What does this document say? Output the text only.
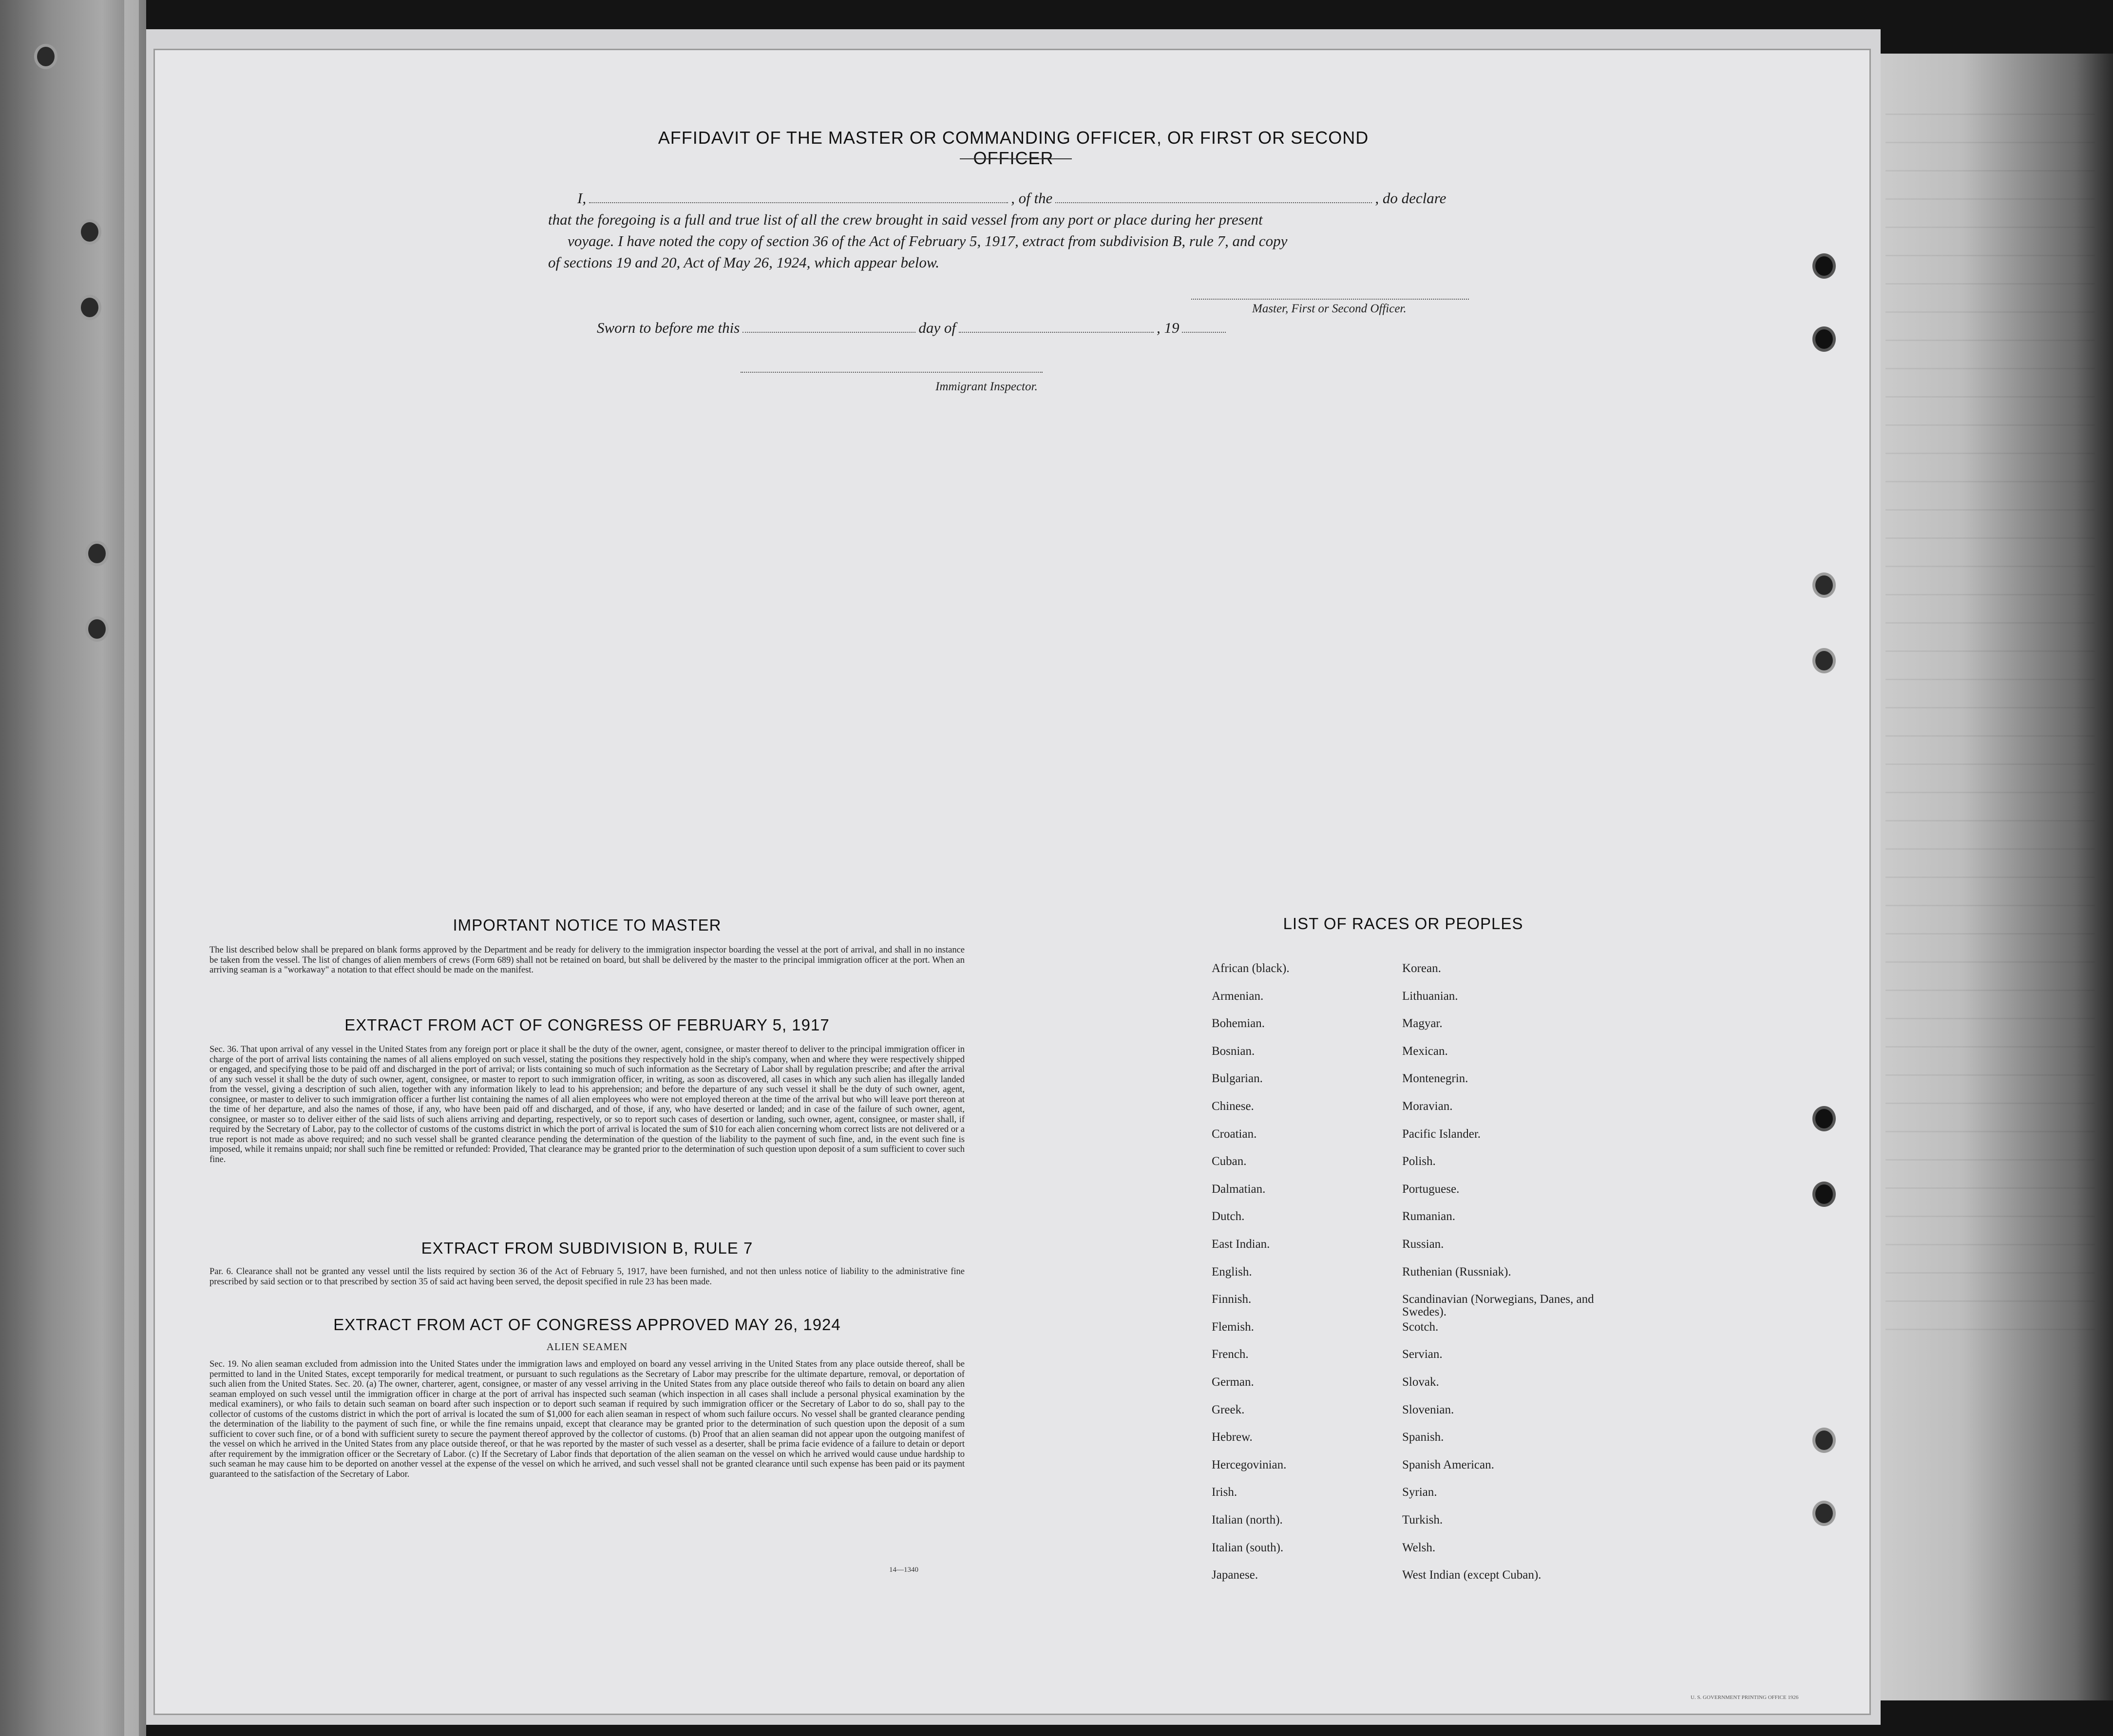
AFFIDAVIT OF THE MASTER OR COMMANDING OFFICER, OR FIRST OR SECOND OFFICER
I,	, of the	, do declare
that the foregoing is a full and true list of all the crew brought in said vessel from any port or place during her present
voyage. I have noted the copy of section 36 of the Act of February 5, 1917, extract from subdivision B, rule 7, and copy
of sections 19 and 20, Act of May 26, 1924, which appear below.
Master, First or Second Officer.
Sworn to before me this	day of	, 19
Immigrant Inspector.
IMPORTANT NOTICE TO MASTER
The list described below shall be prepared on blank forms approved by the Department and be ready for delivery to the immigration inspector boarding the vessel at the port of arrival, and shall in no instance be taken from the vessel. The list of changes of alien members of crews (Form 689) shall not be retained on board, but shall be delivered by the master to the principal immigration officer at the port. When an arriving seaman is a "workaway" a notation to that effect should be made on the manifest.
EXTRACT FROM ACT OF CONGRESS OF FEBRUARY 5, 1917
Sec. 36. That upon arrival of any vessel in the United States from any foreign port or place it shall be the duty of the owner, agent, consignee, or master thereof to deliver to the principal immigration officer in charge of the port of arrival lists containing the names of all aliens employed on such vessel, stating the positions they respectively hold in the ship's company, when and where they were respectively shipped or engaged, and specifying those to be paid off and discharged in the port of arrival; or lists containing so much of such information as the Secretary of Labor shall by regulation prescribe; and after the arrival of any such vessel it shall be the duty of such owner, agent, consignee, or master to report to such immigration officer, in writing, as soon as discovered, all cases in which any such alien has illegally landed from the vessel, giving a description of such alien, together with any information likely to lead to his apprehension; and before the departure of any such vessel it shall be the duty of such owner, agent, consignee, or master to deliver to such immigration officer a further list containing the names of all alien employees who were not employed thereon at the time of the arrival but who will leave port thereon at the time of her departure, and also the names of those, if any, who have been paid off and discharged, and of those, if any, who have deserted or landed; and in case of the failure of such owner, agent, consignee, or master so to deliver either of the said lists of such aliens arriving and departing, respectively, or so to report such cases of desertion or landing, such owner, agent, consignee, or master shall, if required by the Secretary of Labor, pay to the collector of customs of the customs district in which the port of arrival is located the sum of $10 for each alien concerning whom correct lists are not delivered or a true report is not made as above required; and no such vessel shall be granted clearance pending the determination of the question of the liability to the payment of such fine, and, in the event such fine is imposed, while it remains unpaid; nor shall such fine be remitted or refunded: Provided, That clearance may be granted prior to the determination of such question upon deposit of a sum sufficient to cover such fine.
EXTRACT FROM SUBDIVISION B, RULE 7
Par. 6. Clearance shall not be granted any vessel until the lists required by section 36 of the Act of February 5, 1917, have been furnished, and not then unless notice of liability to the administrative fine prescribed by said section or to that prescribed by section 35 of said act having been served, the deposit specified in rule 23 has been made.
EXTRACT FROM ACT OF CONGRESS APPROVED MAY 26, 1924
ALIEN SEAMEN
Sec. 19. No alien seaman excluded from admission into the United States under the immigration laws and employed on board any vessel arriving in the United States from any place outside thereof, shall be permitted to land in the United States, except temporarily for medical treatment, or pursuant to such regulations as the Secretary of Labor may prescribe for the ultimate departure, removal, or deportation of such alien from the United States. Sec. 20. (a) The owner, charterer, agent, consignee, or master of any vessel arriving in the United States from any place outside thereof who fails to detain on board any alien seaman employed on such vessel until the immigration officer in charge at the port of arrival has inspected such seaman (which inspection in all cases shall include a personal physical examination by the medical examiners), or who fails to detain such seaman on board after such inspection or to deport such seaman if required by such immigration officer or the Secretary of Labor to do so, shall pay to the collector of customs of the customs district in which the port of arrival is located the sum of $1,000 for each alien seaman in respect of whom such failure occurs. No vessel shall be granted clearance pending the determination of the liability to the payment of such fine, or while the fine remains unpaid, except that clearance may be granted prior to the determination of such question upon the deposit of a sum sufficient to cover such fine, or of a bond with sufficient surety to secure the payment thereof approved by the collector of customs. (b) Proof that an alien seaman did not appear upon the outgoing manifest of the vessel on which he arrived in the United States from any place outside thereof, or that he was reported by the master of such vessel as a deserter, shall be prima facie evidence of a failure to detain or deport after requirement by the immigration officer or the Secretary of Labor. (c) If the Secretary of Labor finds that deportation of the alien seaman on the vessel on which he arrived would cause undue hardship to such seaman he may cause him to be deported on another vessel at the expense of the vessel on which he arrived, and such vessel shall not be granted clearance until such expense has been paid or its payment guaranteed to the satisfaction of the Secretary of Labor.
14—1340
U. S. GOVERNMENT PRINTING OFFICE 1926
LIST OF RACES OR PEOPLES
African (black).
Armenian.
Bohemian.
Bosnian.
Bulgarian.
Chinese.
Croatian.
Cuban.
Dalmatian.
Dutch.
East Indian.
English.
Finnish.
Flemish.
French.
German.
Greek.
Hebrew.
Hercegovinian.
Irish.
Italian (north).
Italian (south).
Japanese.
Korean.
Lithuanian.
Magyar.
Mexican.
Montenegrin.
Moravian.
Pacific Islander.
Polish.
Portuguese.
Rumanian.
Russian.
Ruthenian (Russniak).
Scandinavian (Norwegians, Danes, and Swedes).
Scotch.
Servian.
Slovak.
Slovenian.
Spanish.
Spanish American.
Syrian.
Turkish.
Welsh.
West Indian (except Cuban).
